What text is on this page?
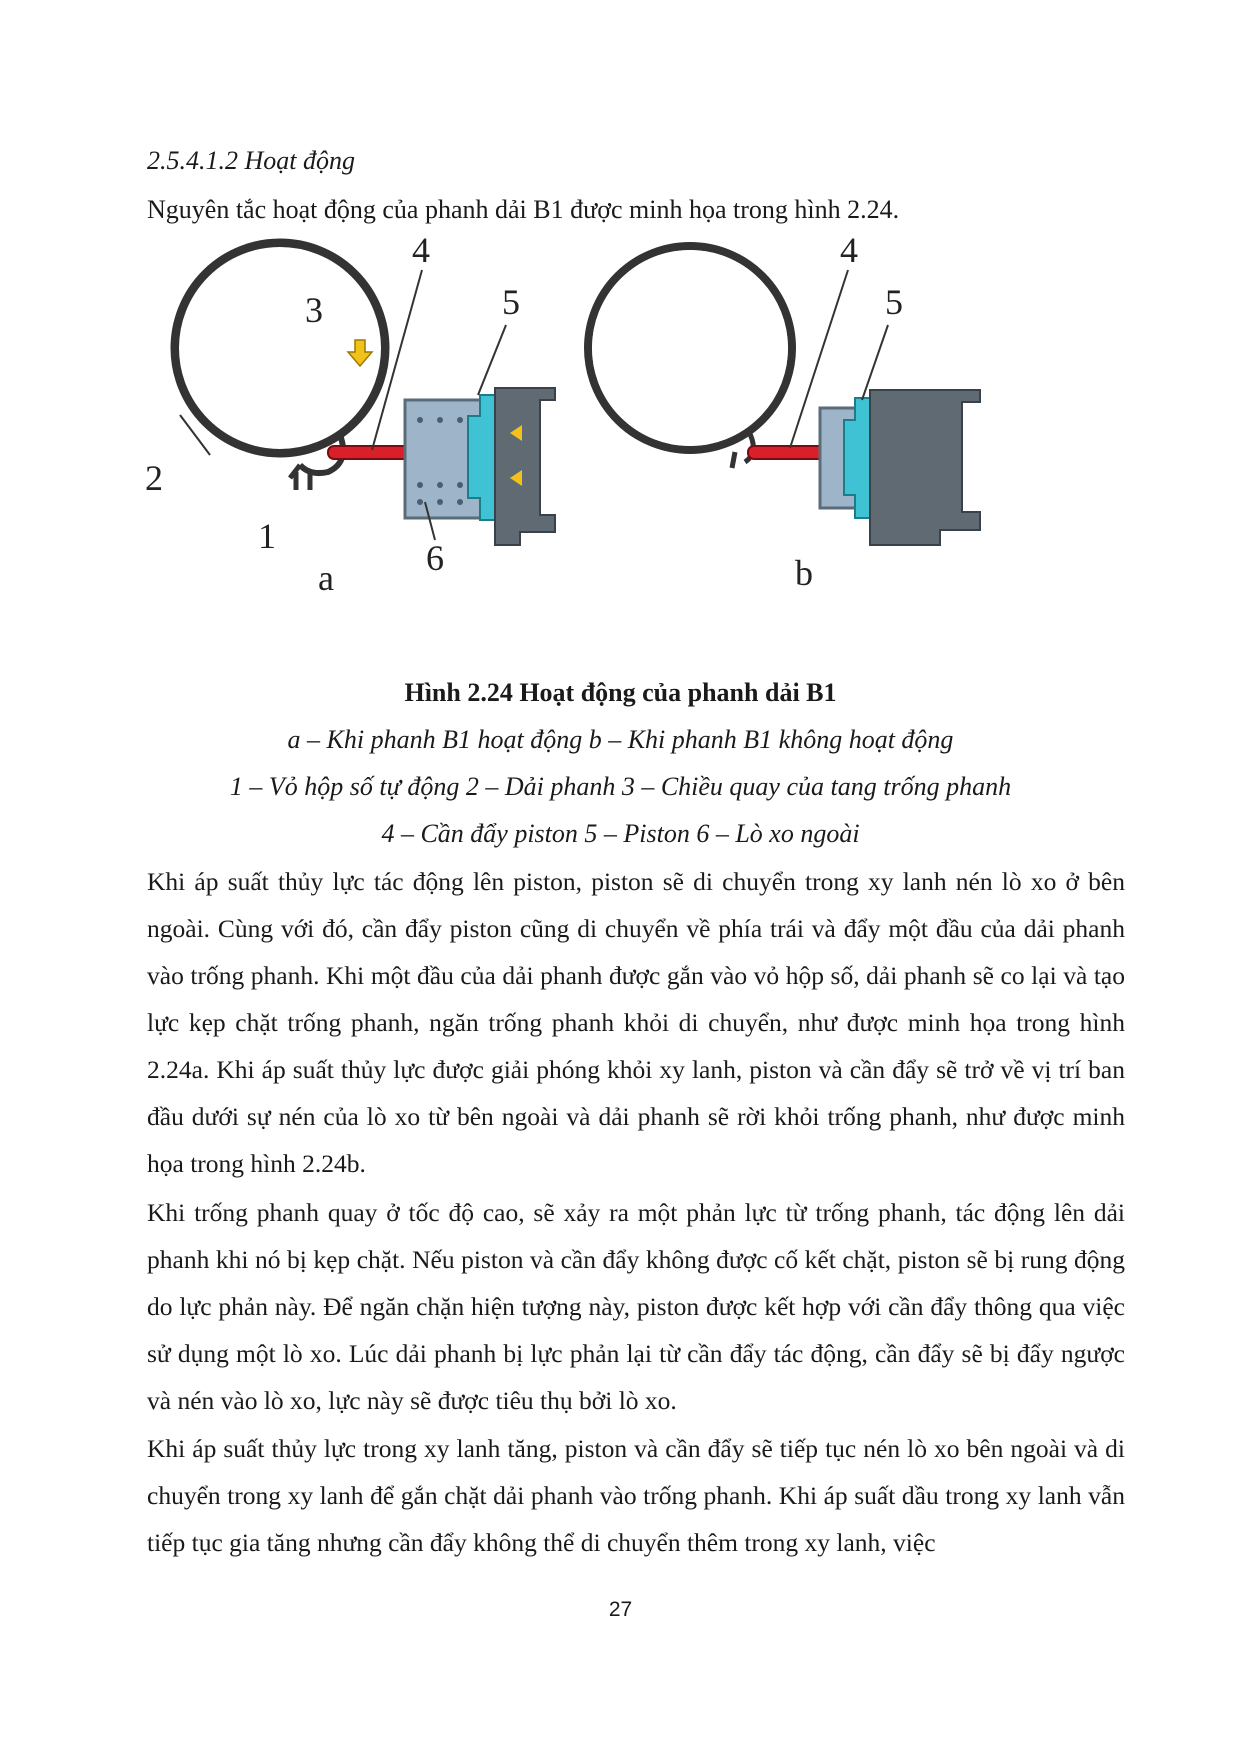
2.5.4.1.2 Hoạt động
Nguyên tắc hoạt động của phanh dải B1 được minh họa trong hình 2.24.
4
3	5
2
1
6
a
4
5
b
Hình 2.24 Hoạt động của phanh dải B1
a – Khi phanh B1 hoạt động b – Khi phanh B1 không hoạt động
1 – Vỏ hộp số tự động 2 – Dải phanh 3 – Chiều quay của tang trống phanh
4 – Cần đẩy piston 5 – Piston 6 – Lò xo ngoài
Khi áp suất thủy lực tác động lên piston, piston sẽ di chuyển trong xy lanh nén lò xo ở bên ngoài. Cùng với đó, cần đẩy piston cũng di chuyển về phía trái và đẩy một đầu của dải phanh vào trống phanh. Khi một đầu của dải phanh được gắn vào vỏ hộp số, dải phanh sẽ co lại và tạo lực kẹp chặt trống phanh, ngăn trống phanh khỏi di chuyển, như được minh họa trong hình 2.24a. Khi áp suất thủy lực được giải phóng khỏi xy lanh, piston và cần đẩy sẽ trở về vị trí ban đầu dưới sự nén của lò xo từ bên ngoài và dải phanh sẽ rời khỏi trống phanh, như được minh họa trong hình 2.24b.
Khi trống phanh quay ở tốc độ cao, sẽ xảy ra một phản lực từ trống phanh, tác động lên dải phanh khi nó bị kẹp chặt. Nếu piston và cần đẩy không được cố kết chặt, piston sẽ bị rung động do lực phản này. Để ngăn chặn hiện tượng này, piston được kết hợp với cần đẩy thông qua việc sử dụng một lò xo. Lúc dải phanh bị lực phản lại từ cần đẩy tác động, cần đẩy sẽ bị đẩy ngược và nén vào lò xo, lực này sẽ được tiêu thụ bởi lò xo.
Khi áp suất thủy lực trong xy lanh tăng, piston và cần đẩy sẽ tiếp tục nén lò xo bên ngoài và di chuyển trong xy lanh để gắn chặt dải phanh vào trống phanh. Khi áp suất dầu trong xy lanh vẫn tiếp tục gia tăng nhưng cần đẩy không thể di chuyển thêm trong xy lanh, việc
27
